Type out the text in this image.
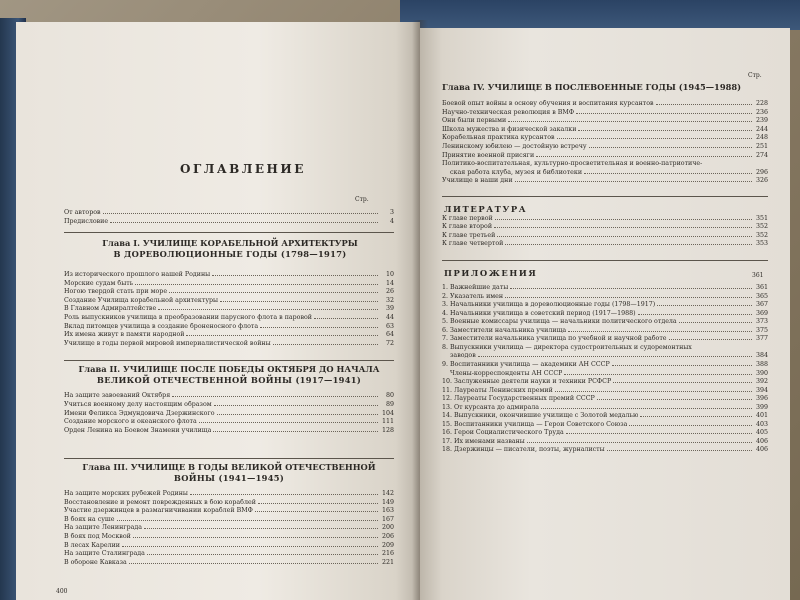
ОГЛАВЛЕНИЕ
Стр.
От авторов	3
Предисловие	4
Глава I. УЧИЛИЩЕ КОРАБЕЛЬНОЙ АРХИТЕКТУРЫ
В ДОРЕВОЛЮЦИОННЫЕ ГОДЫ (1798—1917)
Из исторического прошлого нашей Родины	10
Морские судам быть	14
Ногою твердой стать при море	26
Создание Училища корабельной архитектуры	32
В Главном Адмиралтействе	39
Роль выпускников училища в преобразовании парусного флота в паровой	44
Вклад питомцев училища в создание броненосного флота	63
Их имена живут в памяти народной	64
Училище в годы первой мировой империалистической войны	72
Глава II. УЧИЛИЩЕ ПОСЛЕ ПОБЕДЫ ОКТЯБРЯ ДО НАЧАЛА
ВЕЛИКОЙ ОТЕЧЕСТВЕННОЙ ВОЙНЫ (1917—1941)
На защите завоеваний Октября	80
Учиться военному делу настоящим образом	89
Имени Феликса Эдмундовича Дзержинского	104
Создание морского и океанского флота	111
Орден Ленина на Боевом Знамени училища	128
Глава III. УЧИЛИЩЕ В ГОДЫ ВЕЛИКОЙ ОТЕЧЕСТВЕННОЙ
ВОЙНЫ (1941—1945)
На защите морских рубежей Родины	142
Восстановление и ремонт поврежденных в бою кораблей	149
Участие дзержинцев в размагничивании кораблей ВМФ	163
В боях на суше	167
На защите Ленинграда	200
В боях под Москвой	206
В лесах Карелии	209
На защите Сталинграда	216
В обороне Кавказа	221
400
Стр.
Глава IV. УЧИЛИЩЕ В ПОСЛЕВОЕННЫЕ ГОДЫ (1945—1988)
Боевой опыт войны в основу обучения и воспитания курсантов	228
Научно-техническая революция в ВМФ	236
Они были первыми	239
Школа мужества и физической закалки	244
Корабельная практика курсантов	248
Ленинскому юбилею — достойную встречу	251
Принятие военной присяги	274
Политико-воспитательная, культурно-просветительная и военно-патриотиче-
ская работа клуба, музея и библиотеки	296
Училище в наши дни	326
ЛИТЕРАТУРА
К главе первой	351
К главе второй	352
К главе третьей	352
К главе четвертой	353
ПРИЛОЖЕНИЯ	361
1. Важнейшие даты	361
2. Указатель имен	365
3. Начальники училища в дореволюционные годы (1798—1917)	367
4. Начальники училища в советский период (1917—1988)	369
5. Военные комиссары училища — начальники политического отдела	373
6. Заместители начальника училища	375
7. Заместители начальника училища по учебной и научной работе	377
8. Выпускники училища — директора судостроительных и судоремонтных
заводов	384
9. Воспитанники училища — академики АН СССР	388
Члены-корреспонденты АН СССР	390
10. Заслуженные деятели науки и техники РСФСР	392
11. Лауреаты Ленинских премий	394
12. Лауреаты Государственных премий СССР	396
13. От курсанта до адмирала	399
14. Выпускники, окончившие училище с Золотой медалью	401
15. Воспитанники училища — Герои Советского Союза	403
16. Герои Социалистического Труда	405
17. Их именами названы	406
18. Дзержинцы — писатели, поэты, журналисты	406
